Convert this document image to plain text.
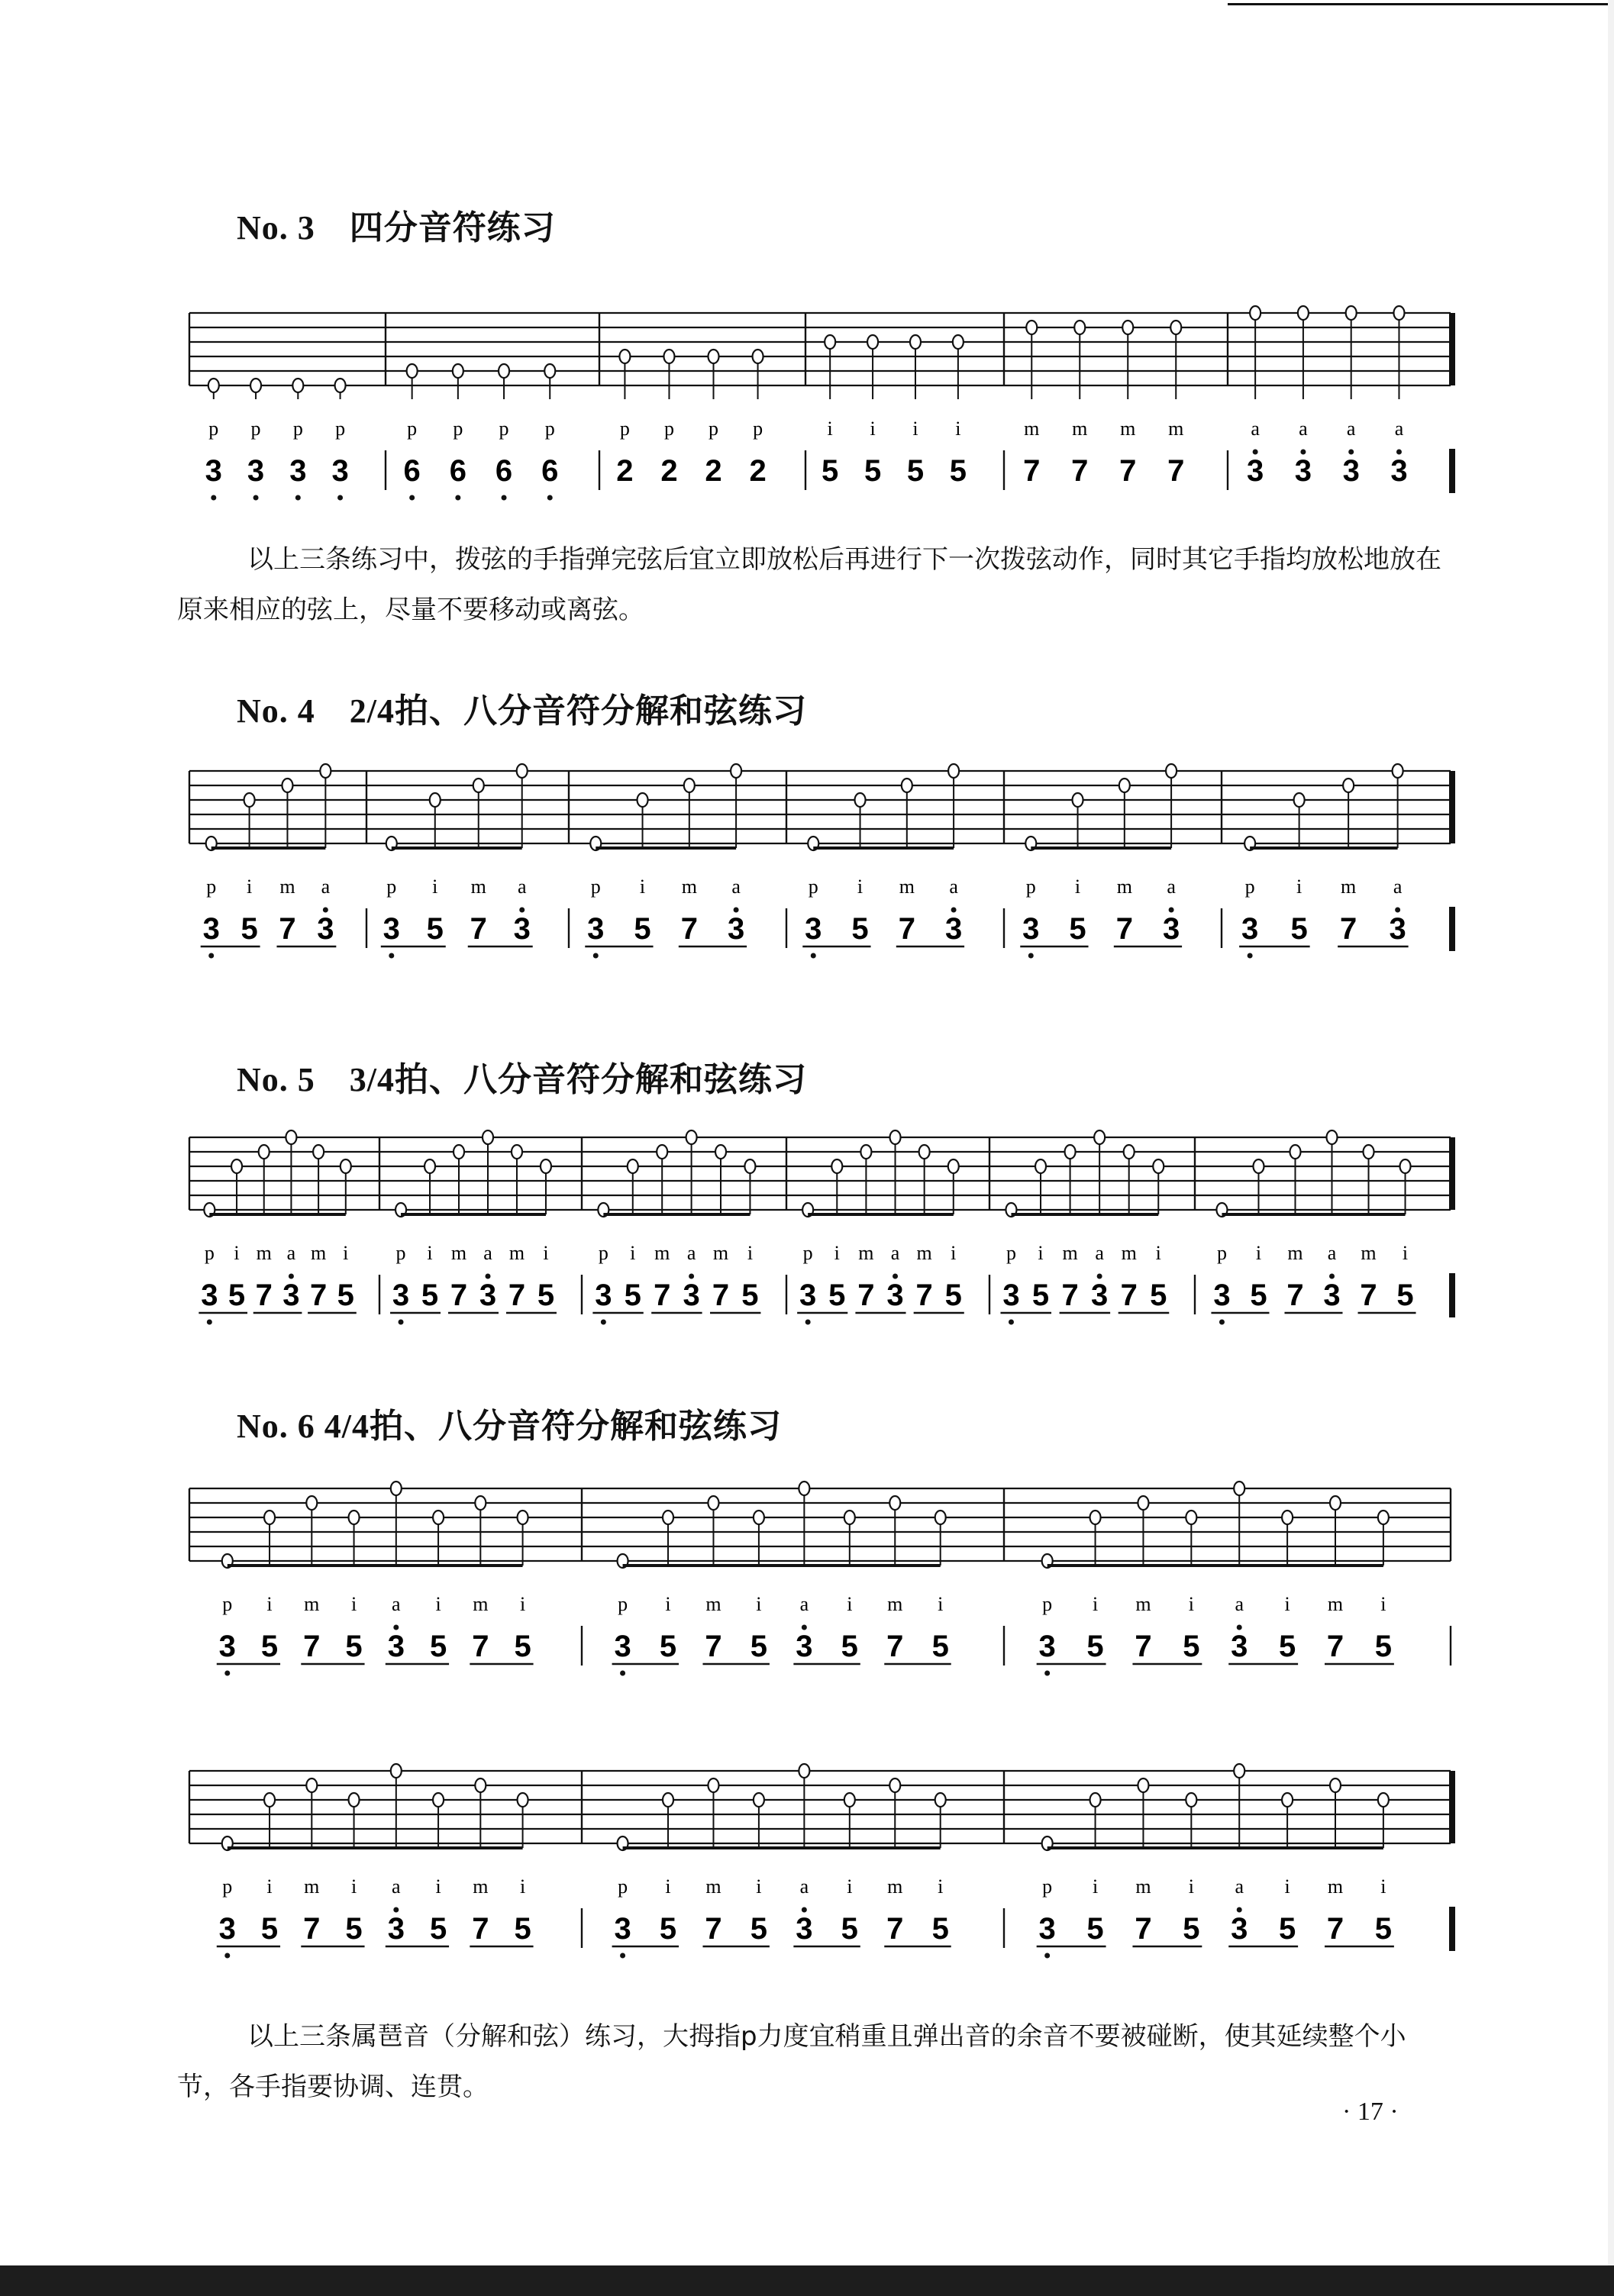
No. 3　四分音符练习
p
3
p
3
p
3
p
3
p
6
p
6
p
6
p
6
p
2
p
2
p
2
p
2
i
5
i
5
i
5
i
5
m
7
m
7
m
7
m
7
a
3
a
3
a
3
a
3
以上三条练习中，拨弦的手指弹完弦后宜立即放松后再进行下一次拨弦动作，同时其它手指均放松地放在原来相应的弦上，尽量不要移动或离弦。
No. 4　2/4拍、八分音符分解和弦练习
p
3
i
5
m
7
a
3
p
3
i
5
m
7
a
3
p
3
i
5
m
7
a
3
p
3
i
5
m
7
a
3
p
3
i
5
m
7
a
3
p
3
i
5
m
7
a
3
No. 5　3/4拍、八分音符分解和弦练习
p
3
i
5
m
7
a
3
m
7
i
5
p
3
i
5
m
7
a
3
m
7
i
5
p
3
i
5
m
7
a
3
m
7
i
5
p
3
i
5
m
7
a
3
m
7
i
5
p
3
i
5
m
7
a
3
m
7
i
5
p
3
i
5
m
7
a
3
m
7
i
5
No. 6 4/4拍、八分音符分解和弦练习
p
3
i
5
m
7
i
5
a
3
i
5
m
7
i
5
p
3
i
5
m
7
i
5
a
3
i
5
m
7
i
5
p
3
i
5
m
7
i
5
a
3
i
5
m
7
i
5
p
3
i
5
m
7
i
5
a
3
i
5
m
7
i
5
p
3
i
5
m
7
i
5
a
3
i
5
m
7
i
5
p
3
i
5
m
7
i
5
a
3
i
5
m
7
i
5
以上三条属琶音（分解和弦）练习，大拇指p力度宜稍重且弹出音的余音不要被碰断，使其延续整个小节，各手指要协调、连贯。
· 17 ·
